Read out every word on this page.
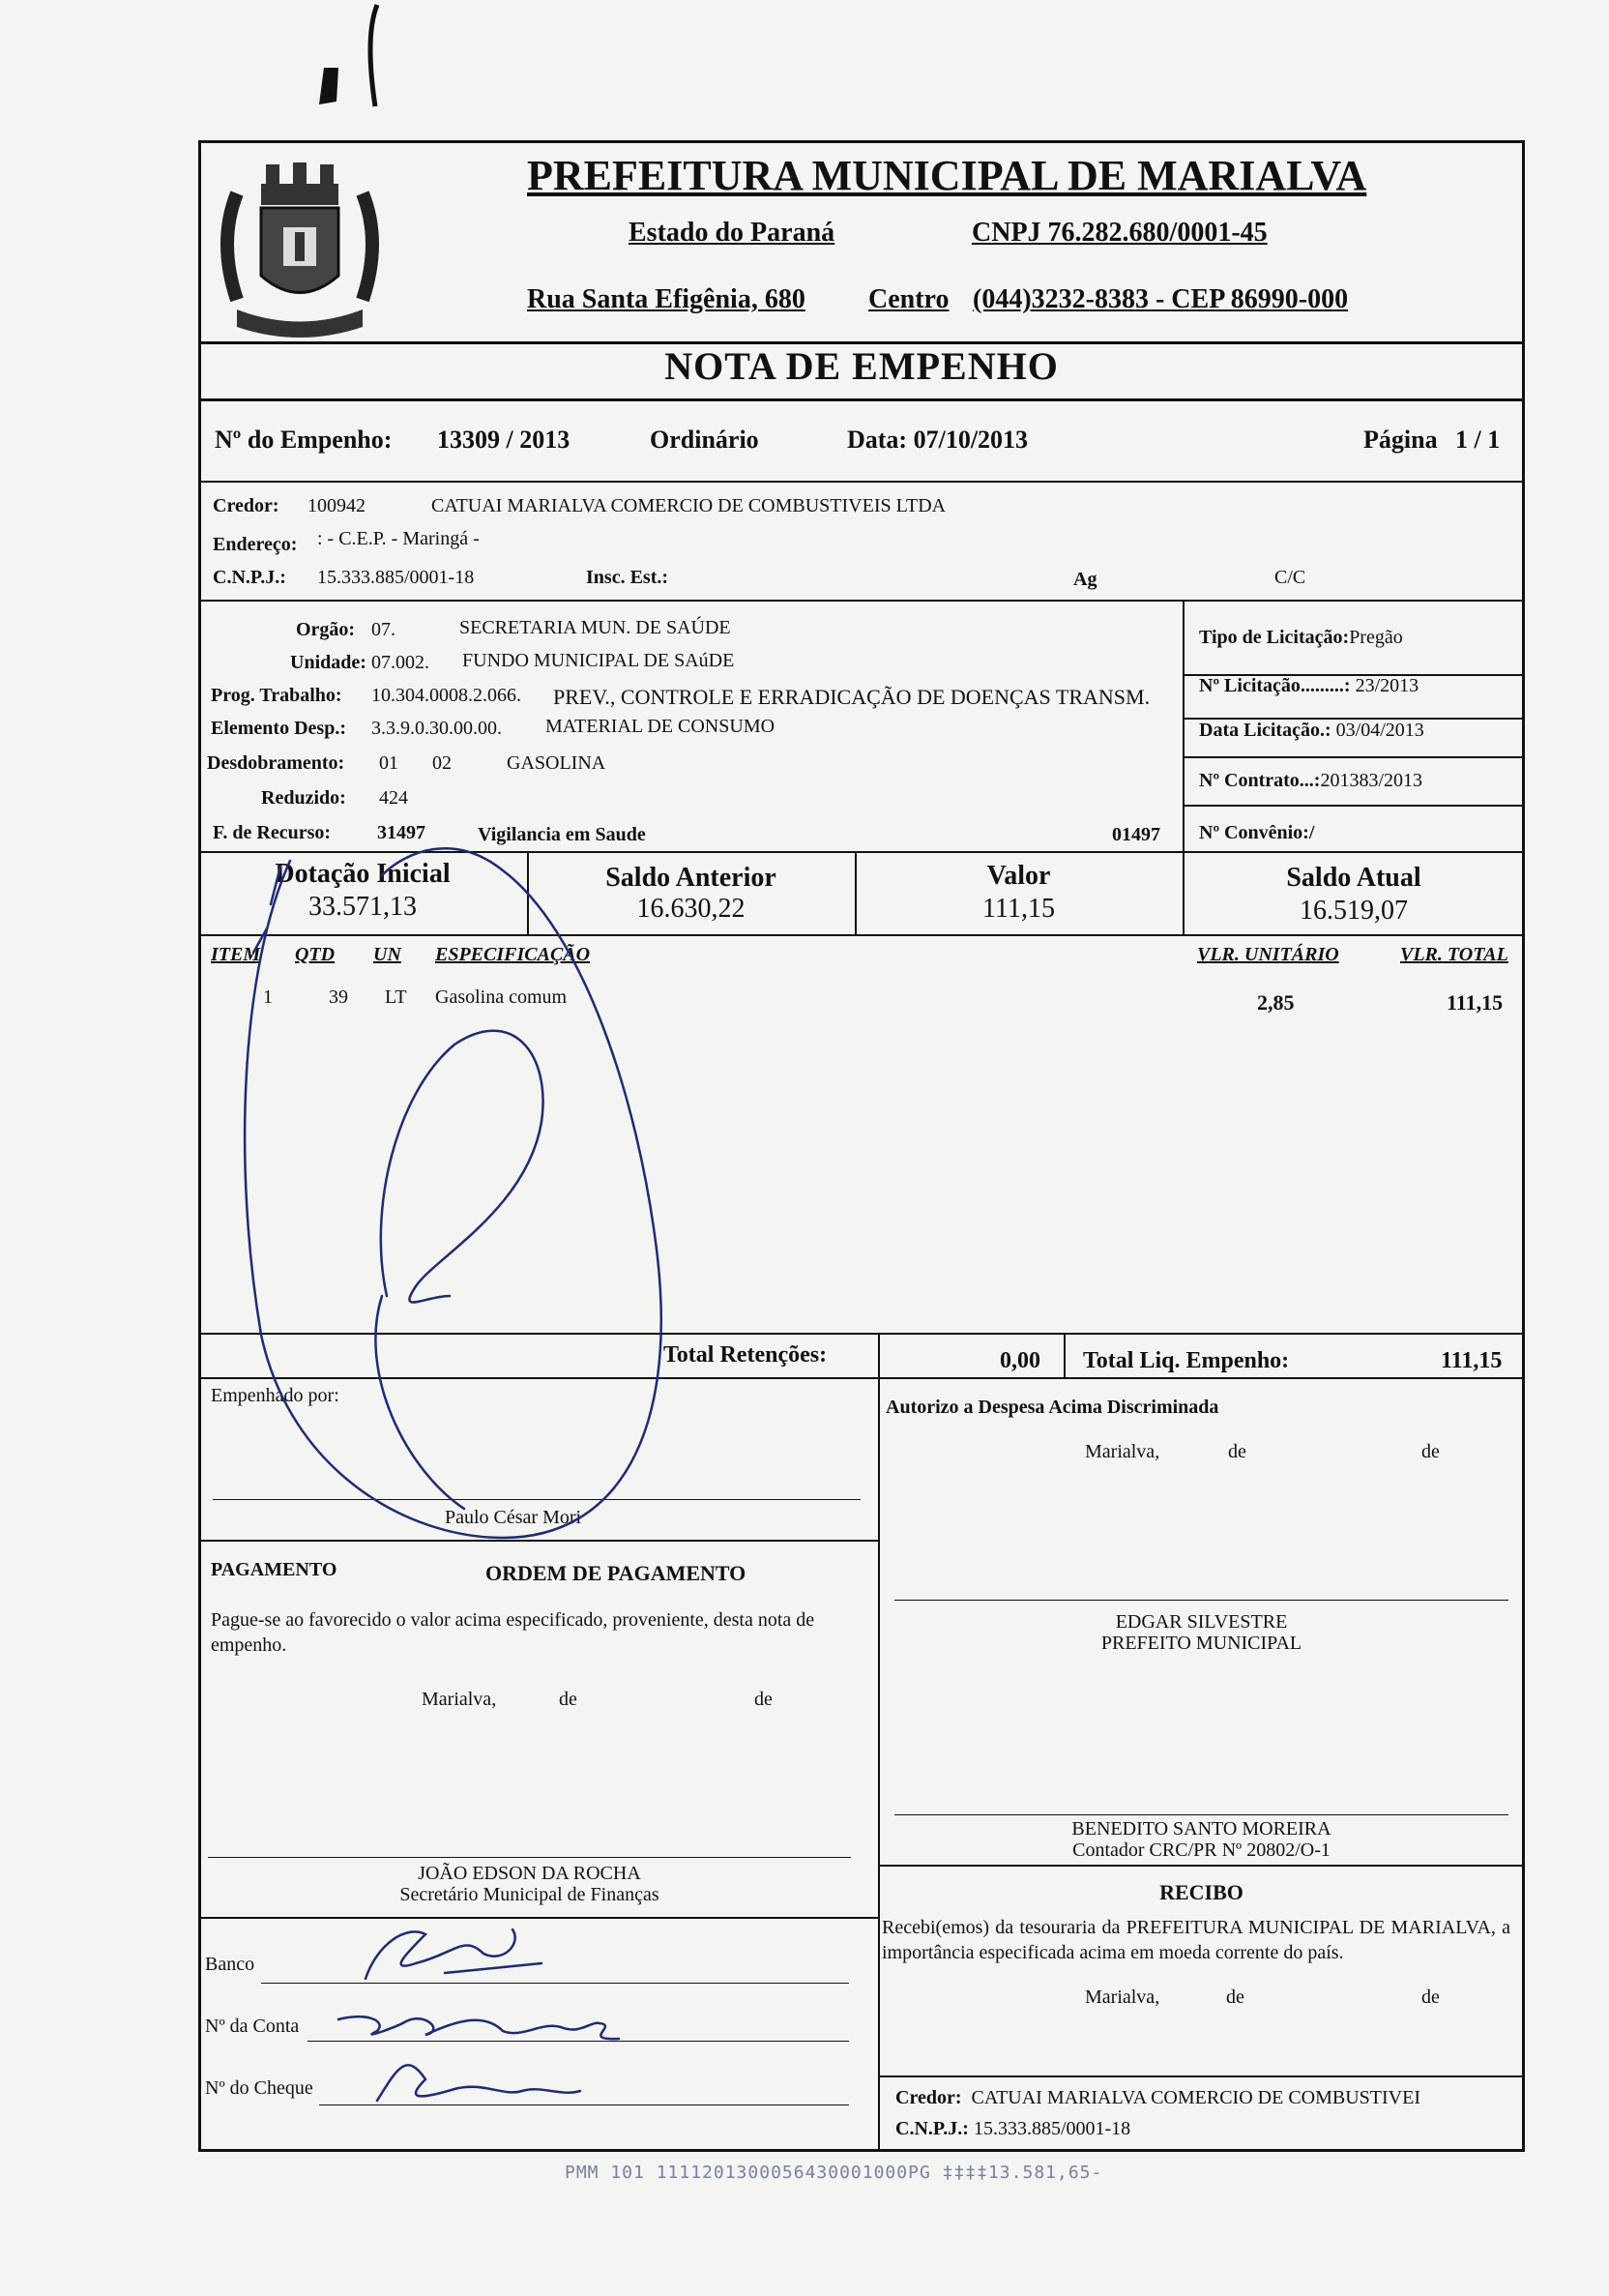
PREFEITURA MUNICIPAL DE MARIALVA
Estado do Paraná	CNPJ 76.282.680/0001-45
Rua Santa Efigênia, 680 Centro (044)3232-8383 - CEP 86990-000
NOTA DE EMPENHO
Nº do Empenho: 13309 / 2013	Ordinário	Data: 07/10/2013	Página 1 / 1
Credor: 100942	CATUAI MARIALVA COMERCIO DE COMBUSTIVEIS LTDA
Endereço: : - C.E.P. - Maringá -
C.N.P.J.: 15.333.885/0001-18	Insc. Est.:	Ag	C/C
Orgão: 07.	SECRETARIA MUN. DE SAÚDE
Unidade: 07.002. FUNDO MUNICIPAL DE SAúDE
Prog. Trabalho: 10.304.0008.2.066. PREV., CONTROLE E ERRADICAÇÃO DE DOENÇAS TRANSM.
Elemento Desp.: 3.3.9.0.30.00.00. MATERIAL DE CONSUMO
Desdobramento: 01 02	GASOLINA
Reduzido: 424
F. de Recurso: 31497	Vigilancia em Saude	01497
Tipo de Licitação:Pregão
Nº Licitação.........: 23/2013
Data Licitação.: 03/04/2013
Nº Contrato...:201383/2013
Nº Convênio:/
Dotação Inicial
33.571,13
Saldo Anterior
16.630,22
Valor
111,15
Saldo Atual
16.519,07
ITEM QTD UN ESPECIFICAÇÃO	VLR. UNITÁRIO	VLR. TOTAL
1	39 LT Gasolina comum	2,85	111,15
Total Retenções:	0,00 Total Liq. Empenho:	111,15
Empenhado por:
Paulo César Mori
Autorizo a Despesa Acima Discriminada
Marialva,	de	de
EDGAR SILVESTRE
PREFEITO MUNICIPAL
PAGAMENTO	ORDEM DE PAGAMENTO
Pague-se ao favorecido o valor acima especificado, proveniente, desta nota de empenho.
Marialva,	de	de
JOÃO EDSON DA ROCHA
Secretário Municipal de Finanças
BENEDITO SANTO MOREIRA
Contador CRC/PR Nº 20802/O-1
Banco
Nº da Conta
Nº do Cheque
RECIBO
Recebi(emos) da tesouraria da PREFEITURA MUNICIPAL DE MARIALVA, a importância especificada acima em moeda corrente do país.
Marialva,	de	de
Credor: CATUAI MARIALVA COMERCIO DE COMBUSTIVEI
C.N.P.J.: 15.333.885/0001-18
PMM 101 1111201300056430001000PG ‡‡‡‡13.581,65-
